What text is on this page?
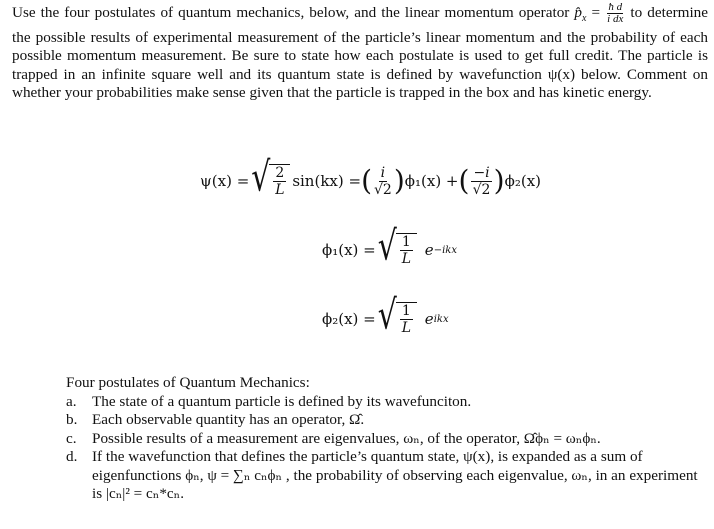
Use the four postulates of quantum mechanics, below, and the linear momentum operator $p̂_x = \frac{\text{ħ d}}{\text{i dx}}$ to determine the possible results of experimental measurement of the particle’s linear momentum and the probability of each possible momentum measurement. Be sure to state how each postulate is used to get full credit. The particle is trapped in an infinite square well and its quantum state is defined by wavefunction ψ(x) below. Comment on whether your probabilities make sense given that the particle is trapped in the box and has kinetic energy.
ψ(x) = √ 2
L sin(kx) = ( i
√2 ) ϕ₁(x) + ( −i
√2 ) ϕ₂(x)
ϕ₁(x) = √ 1
L e −ikx
ϕ₂(x) = √ 1
L e ikx
Four postulates of Quantum Mechanics:
a.	The state of a quantum particle is defined by its wavefunciton.
b. Each observable quantity has an operator, Ω̂.
c.	Possible results of a measurement are eigenvalues, ωₙ, of the operator, Ω̂ϕₙ = ωₙϕₙ.
d. If the wavefunction that defines the particle’s quantum state, ψ(x), is expanded as a sum of eigenfunctions ϕₙ, ψ = ∑ₙ cₙϕₙ , the probability of observing each eigenvalue, ωₙ, in an experiment is |cₙ|² = cₙ*cₙ.
